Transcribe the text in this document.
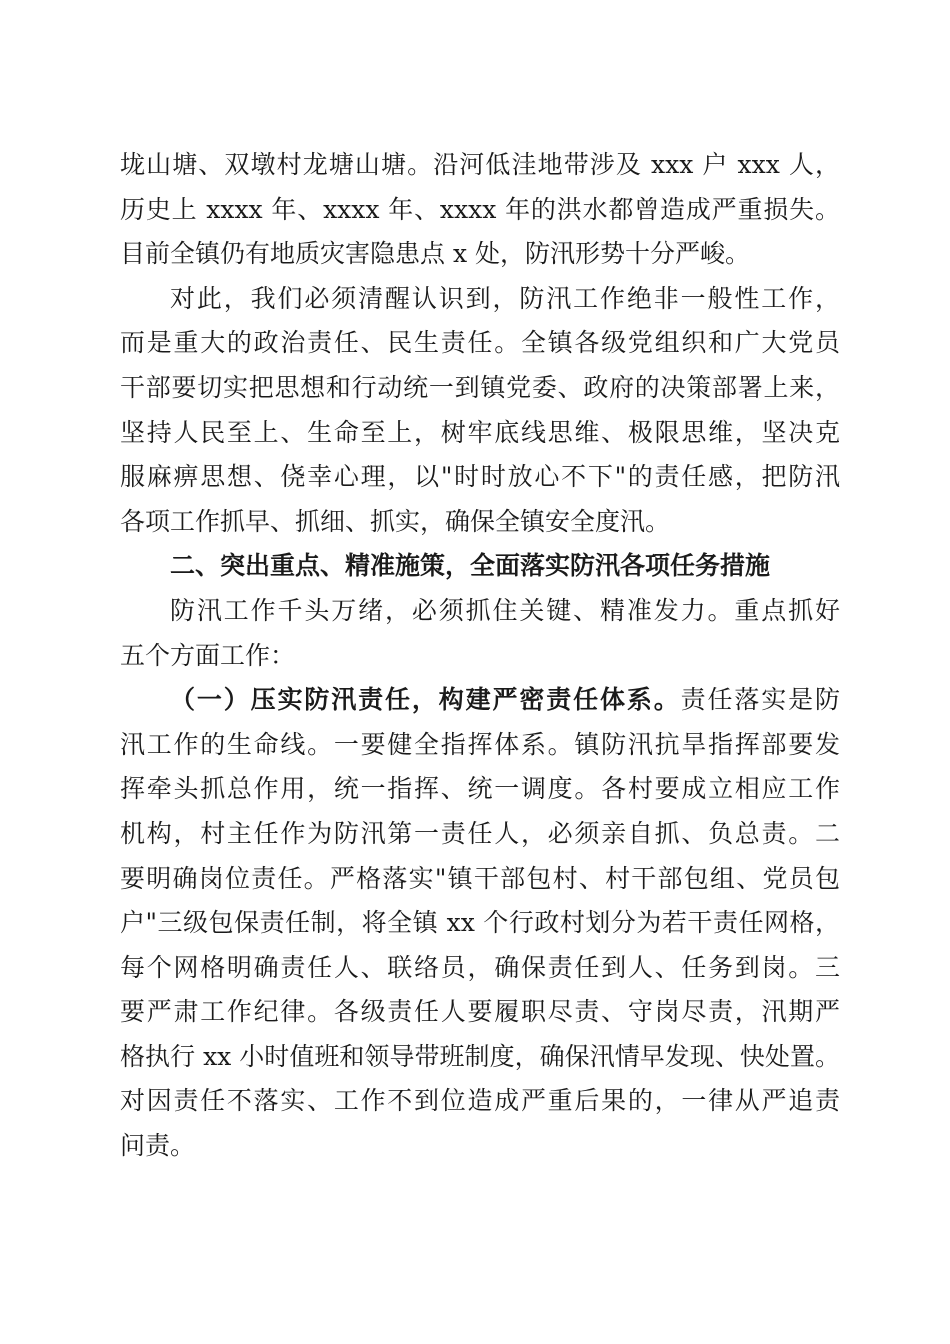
垅山塘、双墩村龙塘山塘。沿河低洼地带涉及 xxx 户 xxx 人，
历史上 xxxx 年、xxxx 年、xxxx 年的洪水都曾造成严重损失。
目前全镇仍有地质灾害隐患点 x 处，防汛形势十分严峻。
对此，我们必须清醒认识到，防汛工作绝非一般性工作，
而是重大的政治责任、民生责任。全镇各级党组织和广大党员
干部要切实把思想和行动统一到镇党委、政府的决策部署上来，
坚持人民至上、生命至上，树牢底线思维、极限思维，坚决克
服麻痹思想、侥幸心理，以"时时放心不下"的责任感，把防汛
各项工作抓早、抓细、抓实，确保全镇安全度汛。
二、突出重点、精准施策，全面落实防汛各项任务措施
防汛工作千头万绪，必须抓住关键、精准发力。重点抓好
五个方面工作：
（一）压实防汛责任，构建严密责任体系。责任落实是防
汛工作的生命线。一要健全指挥体系。镇防汛抗旱指挥部要发
挥牵头抓总作用，统一指挥、统一调度。各村要成立相应工作
机构，村主任作为防汛第一责任人，必须亲自抓、负总责。二
要明确岗位责任。严格落实"镇干部包村、村干部包组、党员包
户"三级包保责任制，将全镇 xx 个行政村划分为若干责任网格，
每个网格明确责任人、联络员，确保责任到人、任务到岗。三
要严肃工作纪律。各级责任人要履职尽责、守岗尽责，汛期严
格执行 xx 小时值班和领导带班制度，确保汛情早发现、快处置。
对因责任不落实、工作不到位造成严重后果的，一律从严追责
问责。
